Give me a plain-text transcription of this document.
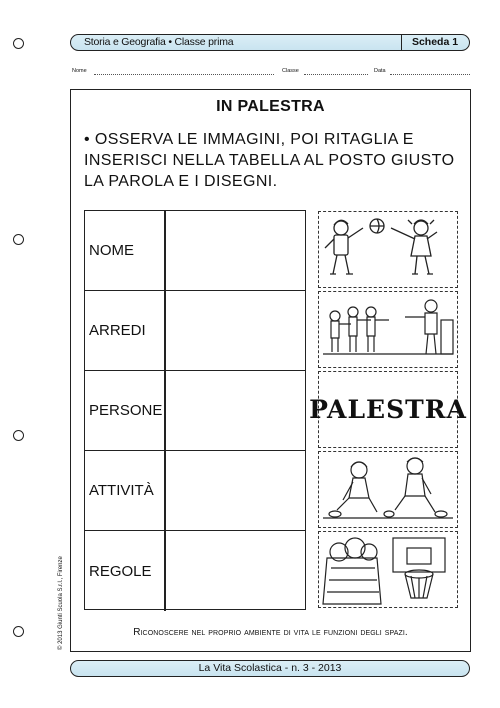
Storia e Geografia • Classe prima	Scheda 1
Nome	Classe	Data
IN PALESTRA
• OSSERVA LE IMMAGINI, POI RITAGLIA E INSERISCI NELLA TABELLA AL POSTO GIUSTO LA PAROLA E I DISEGNI.
NOME
ARREDI
PERSONE
ATTIVITÀ
REGOLE
PALESTRA
Riconoscere nel proprio ambiente di vita le funzioni degli spazi.
© 2013 Giunti Scuola S.r.l., Firenze
La Vita Scolastica - n. 3 - 2013
